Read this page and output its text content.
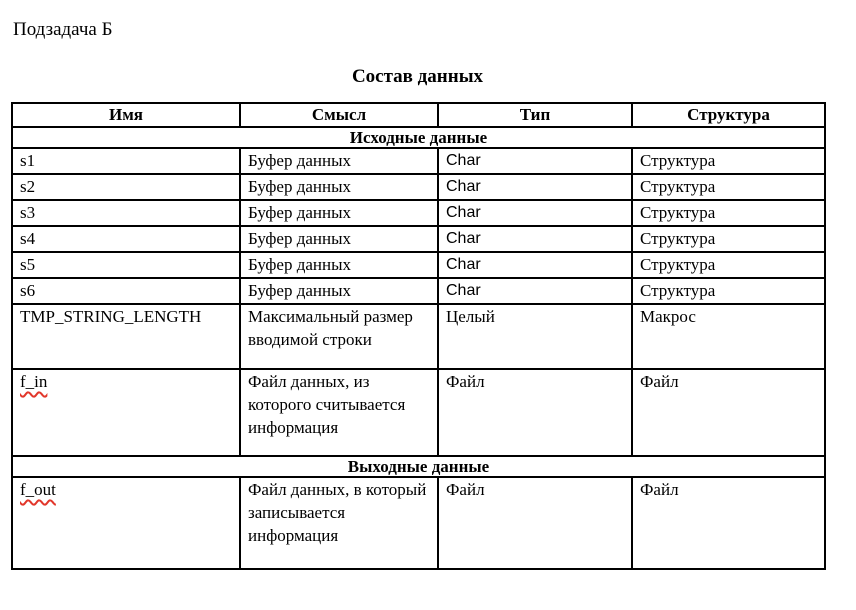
Подзадача Б
Состав данных
Имя	Смысл	Тип	Структура
Исходные данные			
s1	Буфер данных	Char	Структура
s2	Буфер данных	Char	Структура
s3	Буфер данных	Char	Структура
s4	Буфер данных	Char	Структура
s5	Буфер данных	Char	Структура
s6	Буфер данных	Char	Структура
TMP_STRING_LENGTH	Максимальный размер вводимой строки	Целый	Макрос
f_in	Файл данных, из которого считывается информация	Файл	Файл
Выходные данные			
f_out	Файл данных, в который записывается информация	Файл	Файл
